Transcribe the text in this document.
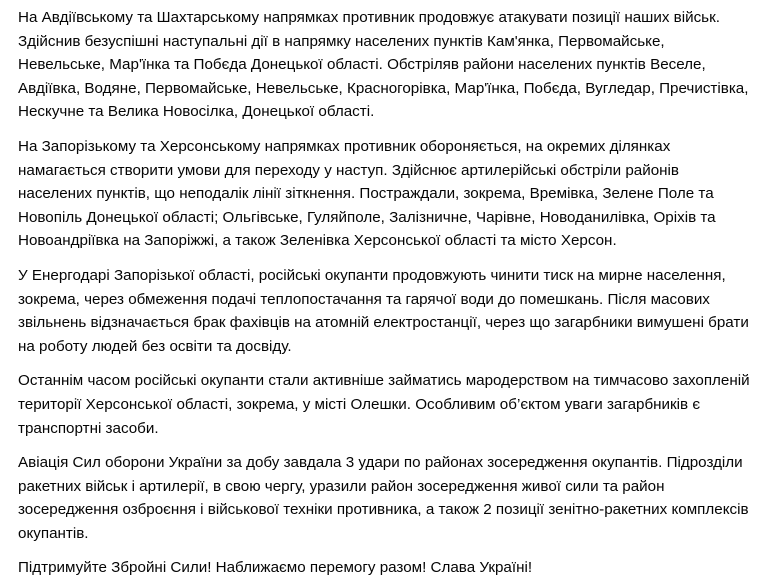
На Авдіївському та Шахтарському напрямках противник продовжує атакувати позиції наших військ. Здійснив безуспішні наступальні дії в напрямку населених пунктів Кам'янка, Первомайське, Невельське, Мар'їнка та Побєда Донецької області. Обстріляв райони населених пунктів Веселе, Авдіївка, Водяне, Первомайське, Невельське, Красногорівка, Мар'їнка, Побєда, Вугледар, Пречистівка, Нескучне та Велика Новосілка, Донецької області.

На Запорізькому та Херсонському напрямках противник обороняється, на окремих ділянках намагається створити умови для переходу у наступ. Здійснює артилерійські обстріли районів населених пунктів, що неподалік лінії зіткнення. Постраждали, зокрема, Времівка, Зелене Поле та Новопіль Донецької області; Ольгівське, Гуляйполе, Залізничне, Чарівне, Новоданилівка, Оріхів та Новоандріївка на Запоріжжі, а також Зеленівка Херсонської області та місто Херсон.

У Енергодарі Запорізької області, російські окупанти продовжують чинити тиск на мирне населення, зокрема, через обмеження подачі теплопостачання та гарячої води до помешкань. Після масових звільнень відзначається брак фахівців на атомній електростанції, через що загарбники вимушені брати на роботу людей без освіти та досвіду.

Останнім часом російські окупанти стали активніше займатись мародерством на тимчасово захопленій території Херсонської області, зокрема, у місті Олешки. Особливим об’єктом уваги загарбників є транспортні засоби.

Авіація Сил оборони України за добу завдала 3 удари по районах зосередження окупантів. Підрозділи ракетних військ і артилерії, в свою чергу, уразили район зосередження живої сили та район зосередження озброєння і військової техніки противника, а також 2 позиції зенітно-ракетних комплексів окупантів.

Підтримуйте Збройні Сили! Наближаємо перемогу разом! Слава Україні!
